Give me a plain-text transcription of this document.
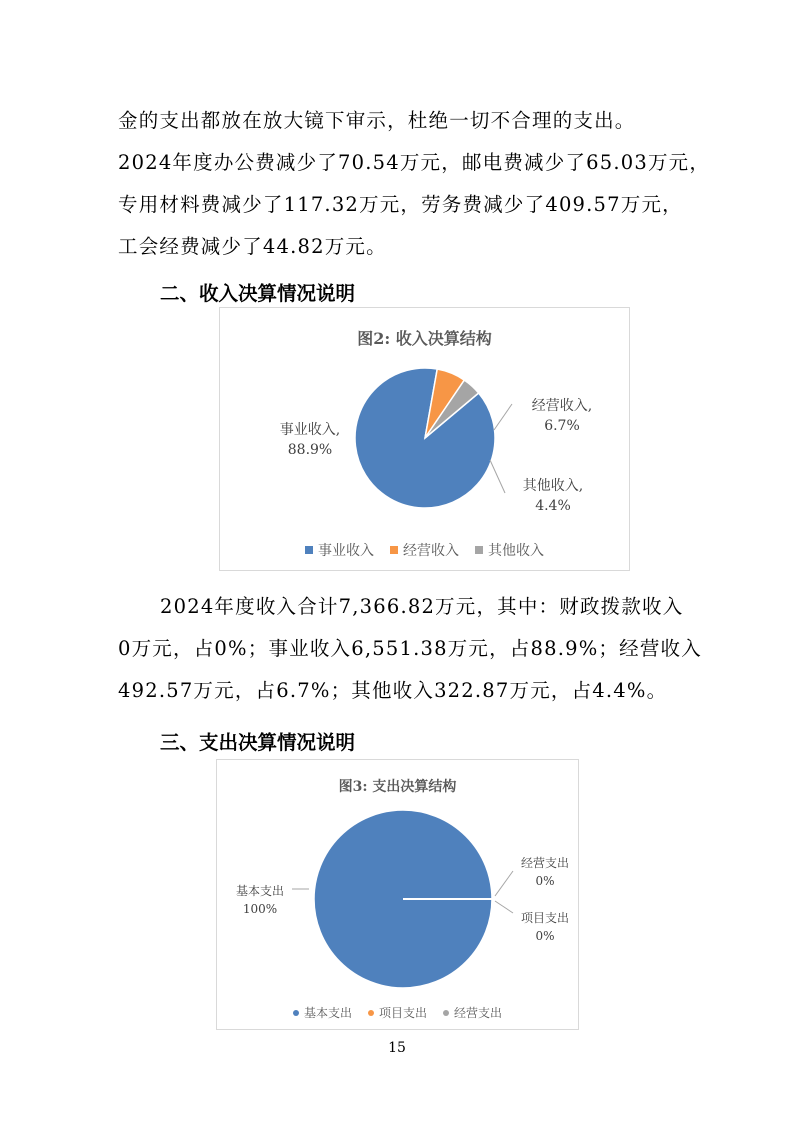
金的支出都放在放大镜下审示，杜绝一切不合理的支出。
2024年度办公费减少了70.54万元，邮电费减少了65.03万元，
专用材料费减少了117.32万元，劳务费减少了409.57万元，
工会经费减少了44.82万元。
二、收入决算情况说明
图2: 收入决算结构
事业收入,
88.9%
经营收入,
6.7%
其他收入,
4.4%
事业收入 经营收入 其他收入
2024年度收入合计7,366.82万元，其中：财政拨款收入
0万元，占0%；事业收入6,551.38万元，占88.9%；经营收入
492.57万元，占6.7%；其他收入322.87万元，占4.4%。
三、支出决算情况说明
图3: 支出决算结构
基本支出
100%
经营支出
0%
项目支出
0%
基本支出 项目支出 经营支出
15
